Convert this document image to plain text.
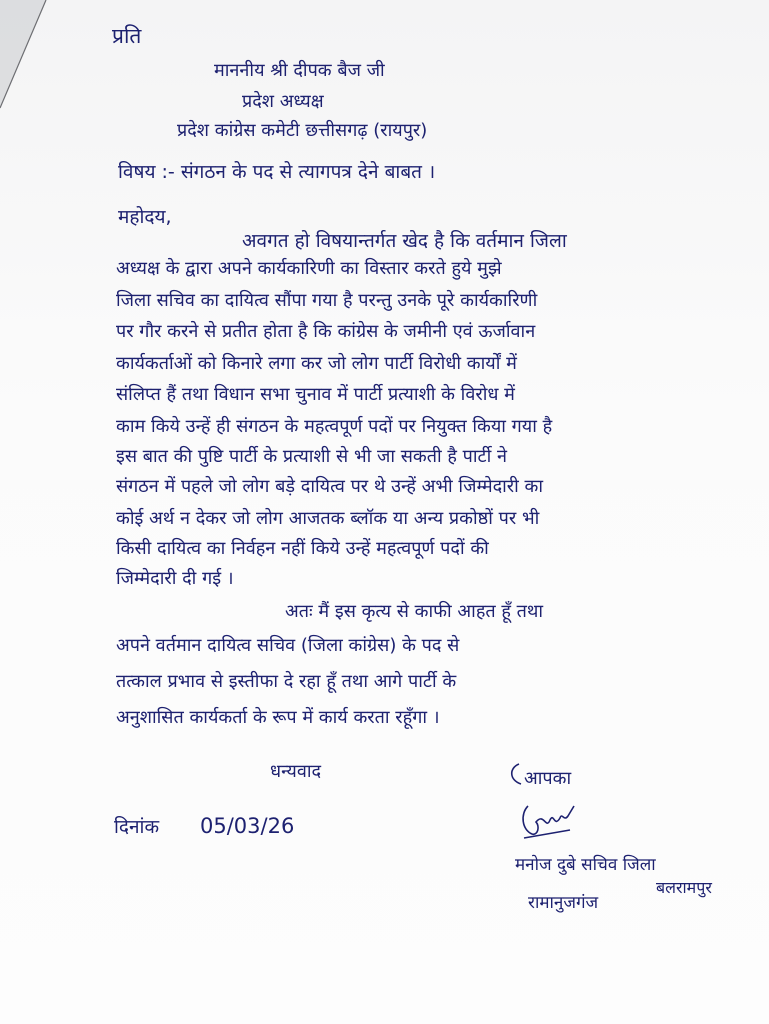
प्रति

माननीय श्री दीपक बैज जी

प्रदेश अध्यक्ष

प्रदेश कांग्रेस कमेटी छत्तीसगढ़ (रायपुर)

विषय :- संगठन के पद से त्यागपत्र देने बाबत ।

महोदय,

अवगत हो विषयान्तर्गत खेद है कि वर्तमान जिला

अध्यक्ष के द्वारा अपने कार्यकारिणी का विस्तार करते हुये मुझे

जिला सचिव का दायित्व सौंपा गया है परन्तु उनके पूरे कार्यकारिणी

पर गौर करने से प्रतीत होता है कि कांग्रेस के जमीनी एवं ऊर्जावान

कार्यकर्ताओं को किनारे लगा कर जो लोग पार्टी विरोधी कार्यों में

संलिप्त हैं तथा विधान सभा चुनाव में पार्टी प्रत्याशी के विरोध में

काम किये उन्हें ही संगठन के महत्वपूर्ण पदों पर नियुक्त किया गया है

इस बात की पुष्टि पार्टी के प्रत्याशी से भी जा सकती है पार्टी ने

संगठन में पहले जो लोग बड़े दायित्व पर थे उन्हें अभी जिम्मेदारी का

कोई अर्थ न देकर जो लोग आजतक ब्लॉक या अन्य प्रकोष्ठों पर भी

किसी दायित्व का निर्वहन नहीं किये उन्हें महत्वपूर्ण पदों की

जिम्मेदारी दी गई ।

अतः मैं इस कृत्य से काफी आहत हूँ तथा

अपने वर्तमान दायित्व सचिव (जिला कांग्रेस) के पद से

तत्काल प्रभाव से इस्तीफा दे रहा हूँ तथा आगे पार्टी के

अनुशासित कार्यकर्ता के रूप में कार्य करता रहूँगा ।

धन्यवाद	आपका

दिनांक 05/03/26

मनोज दुबे सचिव जिला

बलरामपुर

रामानुजगंज
